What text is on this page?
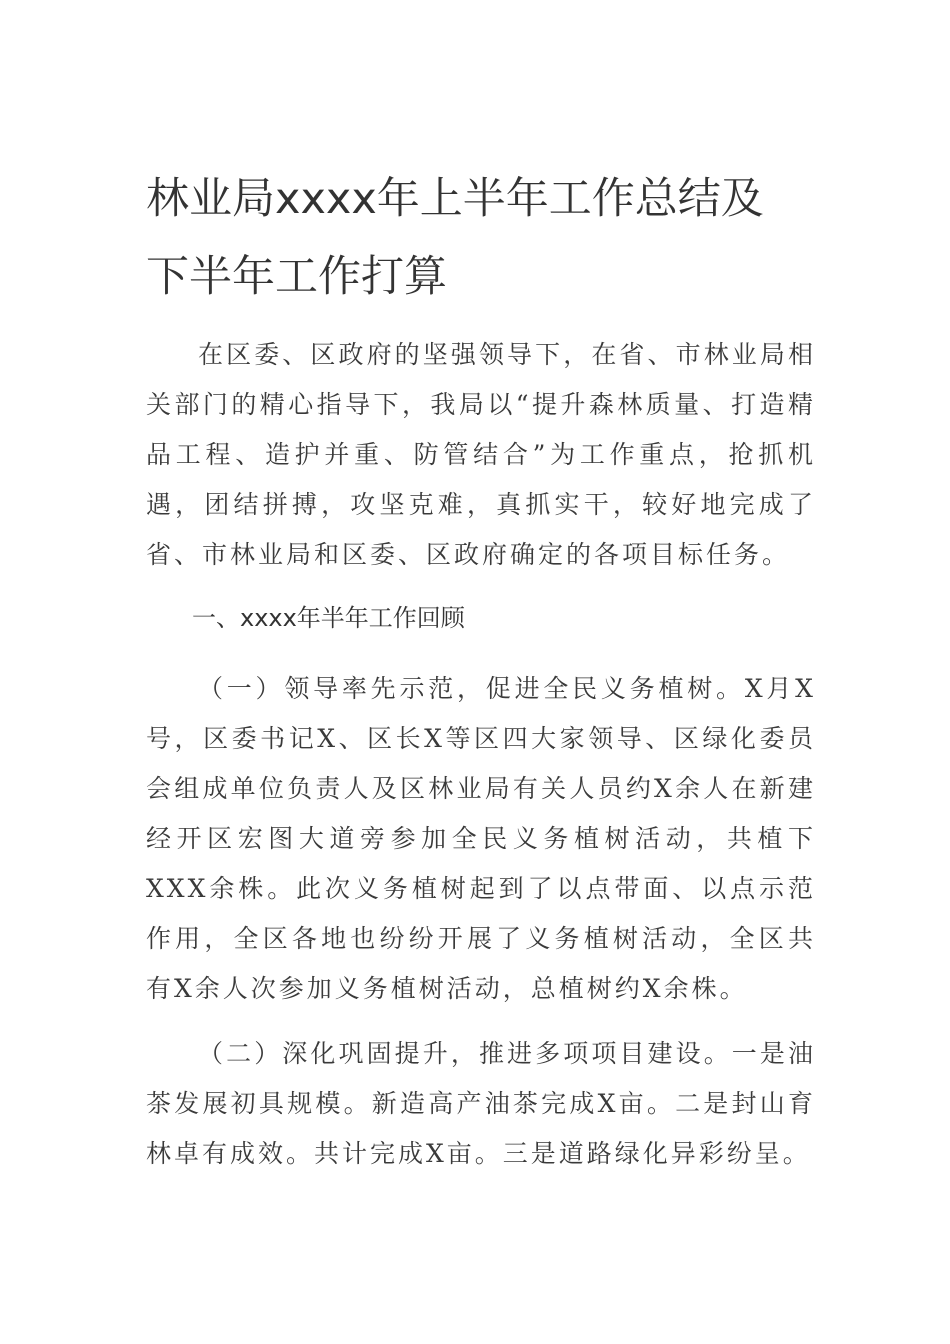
林业局xxxx年上半年工作总结及下半年工作打算

在区委、区政府的坚强领导下，在省、市林业局相关部门的精心指导下，我局以“提升森林质量、打造精品工程、造护并重、防管结合”为工作重点，抢抓机遇，团结拼搏，攻坚克难，真抓实干，较好地完成了省、市林业局和区委、区政府确定的各项目标任务。

一、xxxx年半年工作回顾

（一）领导率先示范，促进全民义务植树。X月X号，区委书记X、区长X等区四大家领导、区绿化委员会组成单位负责人及区林业局有关人员约X余人在新建经开区宏图大道旁参加全民义务植树活动，共植下XXX余株。此次义务植树起到了以点带面、以点示范作用，全区各地也纷纷开展了义务植树活动，全区共有X余人次参加义务植树活动，总植树约X余株。

（二）深化巩固提升，推进多项项目建设。一是油茶发展初具规模。新造高产油茶完成X亩。二是封山育林卓有成效。共计完成X亩。三是道路绿化异彩纷呈。
